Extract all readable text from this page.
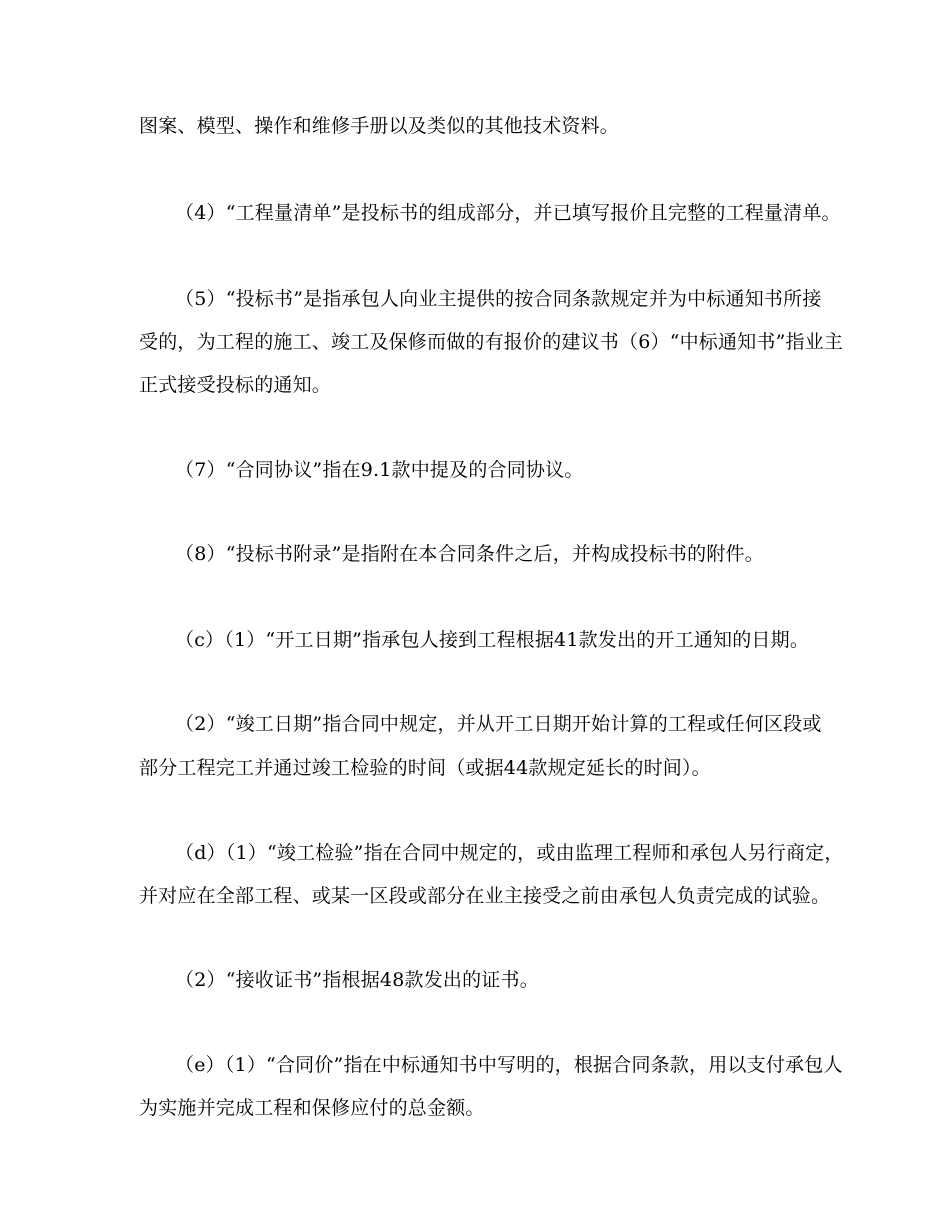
图案、模型、操作和维修手册以及类似的其他技术资料。
（4）“工程量清单”是投标书的组成部分，并已填写报价且完整的工程量清单。
（5）“投标书”是指承包人向业主提供的按合同条款规定并为中标通知书所接
受的，为工程的施工、竣工及保修而做的有报价的建议书（6）“中标通知书”指业主
正式接受投标的通知。
（7）“合同协议”指在9.1款中提及的合同协议。
（8）“投标书附录”是指附在本合同条件之后，并构成投标书的附件。
（c）（1）“开工日期”指承包人接到工程根据41款发出的开工通知的日期。
（2）“竣工日期”指合同中规定，并从开工日期开始计算的工程或任何区段或
部分工程完工并通过竣工检验的时间（或据44款规定延长的时间）。
（d）（1）“竣工检验”指在合同中规定的，或由监理工程师和承包人另行商定，
并对应在全部工程、或某一区段或部分在业主接受之前由承包人负责完成的试验。
（2）“接收证书”指根据48款发出的证书。
（e）（1）“合同价”指在中标通知书中写明的，根据合同条款，用以支付承包人
为实施并完成工程和保修应付的总金额。
